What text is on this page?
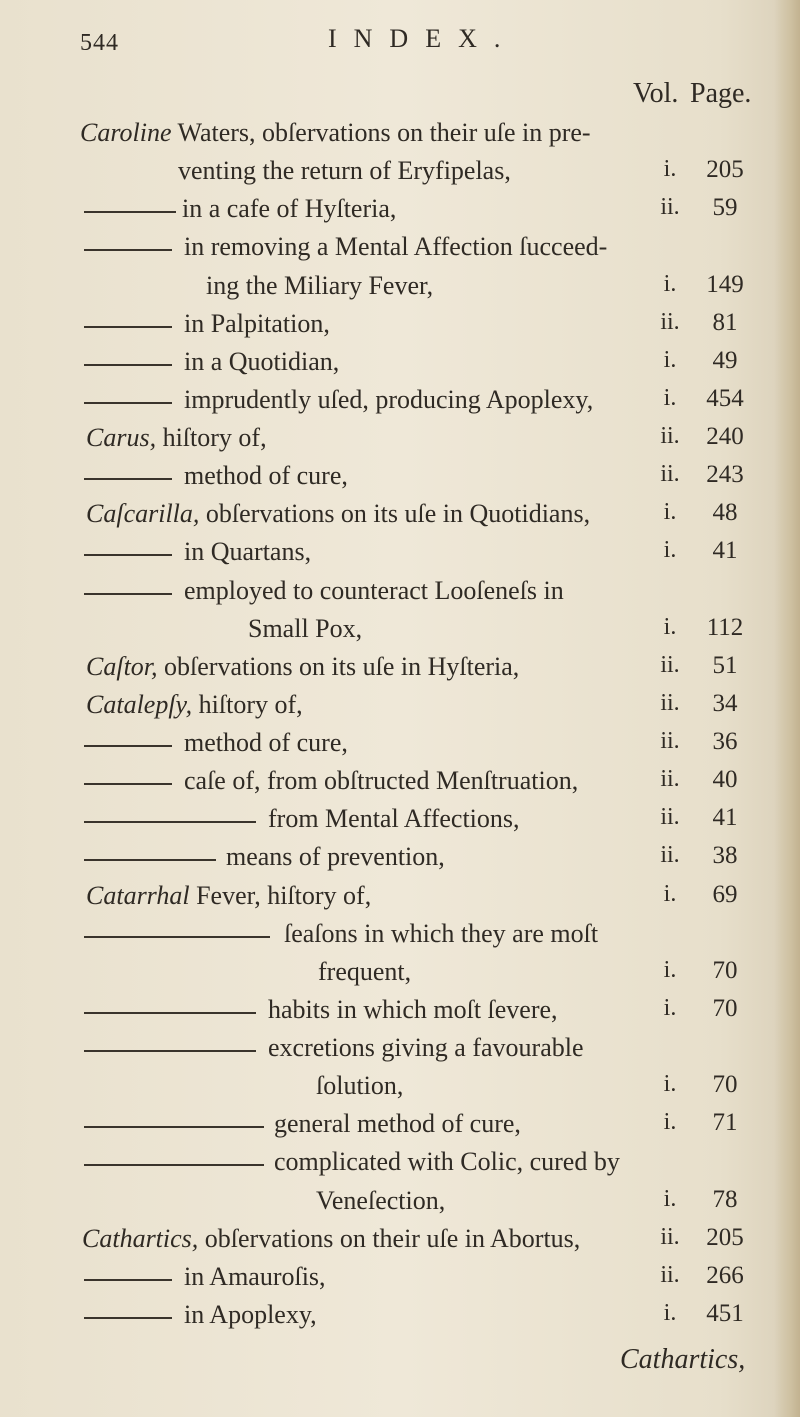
544	INDEX.
Vol. Page.
Caroline Waters, obſervations on their uſe in pre-
venting the return of Eryfipelas,	i.	205
in a cafe of Hyſteria,	ii.	59
in removing a Mental Affection ſucceed-
ing the Miliary Fever,	i.	149
in Palpitation,	ii.	81
in a Quotidian,	i.	49
imprudently uſed, producing Apoplexy,	i.	454
Carus, hiſtory of,	ii.	240
method of cure,	ii.	243
Caſcarilla, obſervations on its uſe in Quotidians,	i.	48
in Quartans,	i.	41
employed to counteract Looſeneſs in
Small Pox,	i.	112
Caſtor, obſervations on its uſe in Hyſteria,	ii.	51
Catalepſy, hiſtory of,	ii.	34
method of cure,	ii.	36
caſe of, from obſtructed Menſtruation,	ii.	40
from Mental Affections,	ii.	41
means of prevention,	ii.	38
Catarrhal Fever, hiſtory of,	i.	69
ſeaſons in which they are moſt
frequent,	i.	70
habits in which moſt ſevere,	i.	70
excretions giving a favourable
ſolution,	i.	70
general method of cure,	i.	71
complicated with Colic, cured by
Veneſection,	i.	78
Cathartics, obſervations on their uſe in Abortus,	ii.	205
in Amauroſis,	ii.	266
in Apoplexy,	i.	451
Cathartics,
